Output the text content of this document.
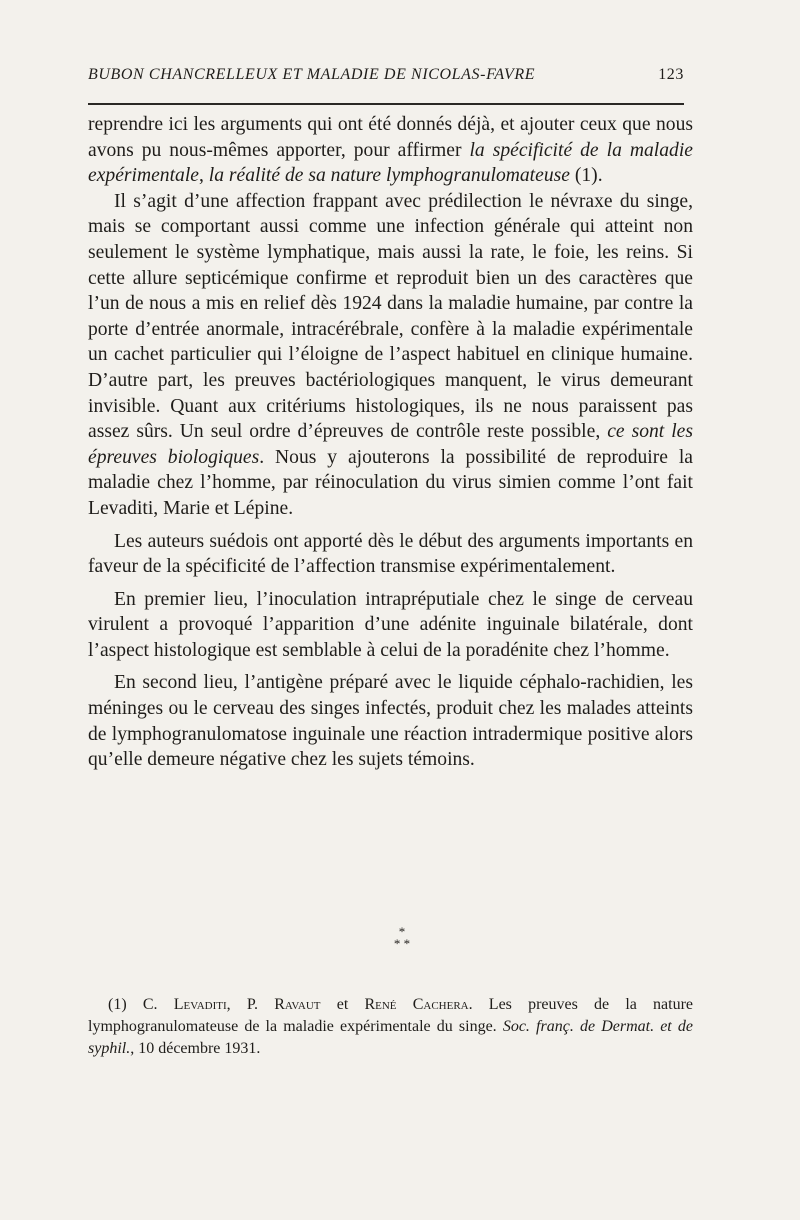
BUBON CHANCRELLEUX ET MALADIE DE NICOLAS-FAVRE	123

reprendre ici les arguments qui ont été donnés déjà, et ajouter ceux que nous avons pu nous-mêmes apporter, pour affirmer la spécificité de la maladie expérimentale, la réalité de sa nature lymphogranulomateuse (1).

Il s’agit d’une affection frappant avec prédilection le névraxe du singe, mais se comportant aussi comme une infection générale qui atteint non seulement le système lymphatique, mais aussi la rate, le foie, les reins. Si cette allure septicémique confirme et reproduit bien un des caractères que l’un de nous a mis en relief dès 1924 dans la maladie humaine, par contre la porte d’entrée anormale, intracérébrale, confère à la maladie expérimentale un cachet particulier qui l’éloigne de l’aspect habituel en clinique humaine. D’autre part, les preuves bactériologiques manquent, le virus demeurant invisible. Quant aux critériums histologiques, ils ne nous paraissent pas assez sûrs. Un seul ordre d’épreuves de contrôle reste possible, ce sont les épreuves biologiques. Nous y ajouterons la possibilité de reproduire la maladie chez l’homme, par réinoculation du virus simien comme l’ont fait Levaditi, Marie et Lépine.

Les auteurs suédois ont apporté dès le début des arguments importants en faveur de la spécificité de l’affection transmise expérimentalement.

En premier lieu, l’inoculation intrapréputiale chez le singe de cerveau virulent a provoqué l’apparition d’une adénite inguinale bilatérale, dont l’aspect histologique est semblable à celui de la poradénite chez l’homme.

En second lieu, l’antigène préparé avec le liquide céphalo-rachidien, les méninges ou le cerveau des singes infectés, produit chez les malades atteints de lymphogranulomatose inguinale une réaction intradermique positive alors qu’elle demeure négative chez les sujets témoins.

*
* *

(1) C. Levaditi, P. Ravaut et René Cachera. Les preuves de la nature lymphogranulomateuse de la maladie expérimentale du singe. Soc. franç. de Dermat. et de syphil., 10 décembre 1931.
